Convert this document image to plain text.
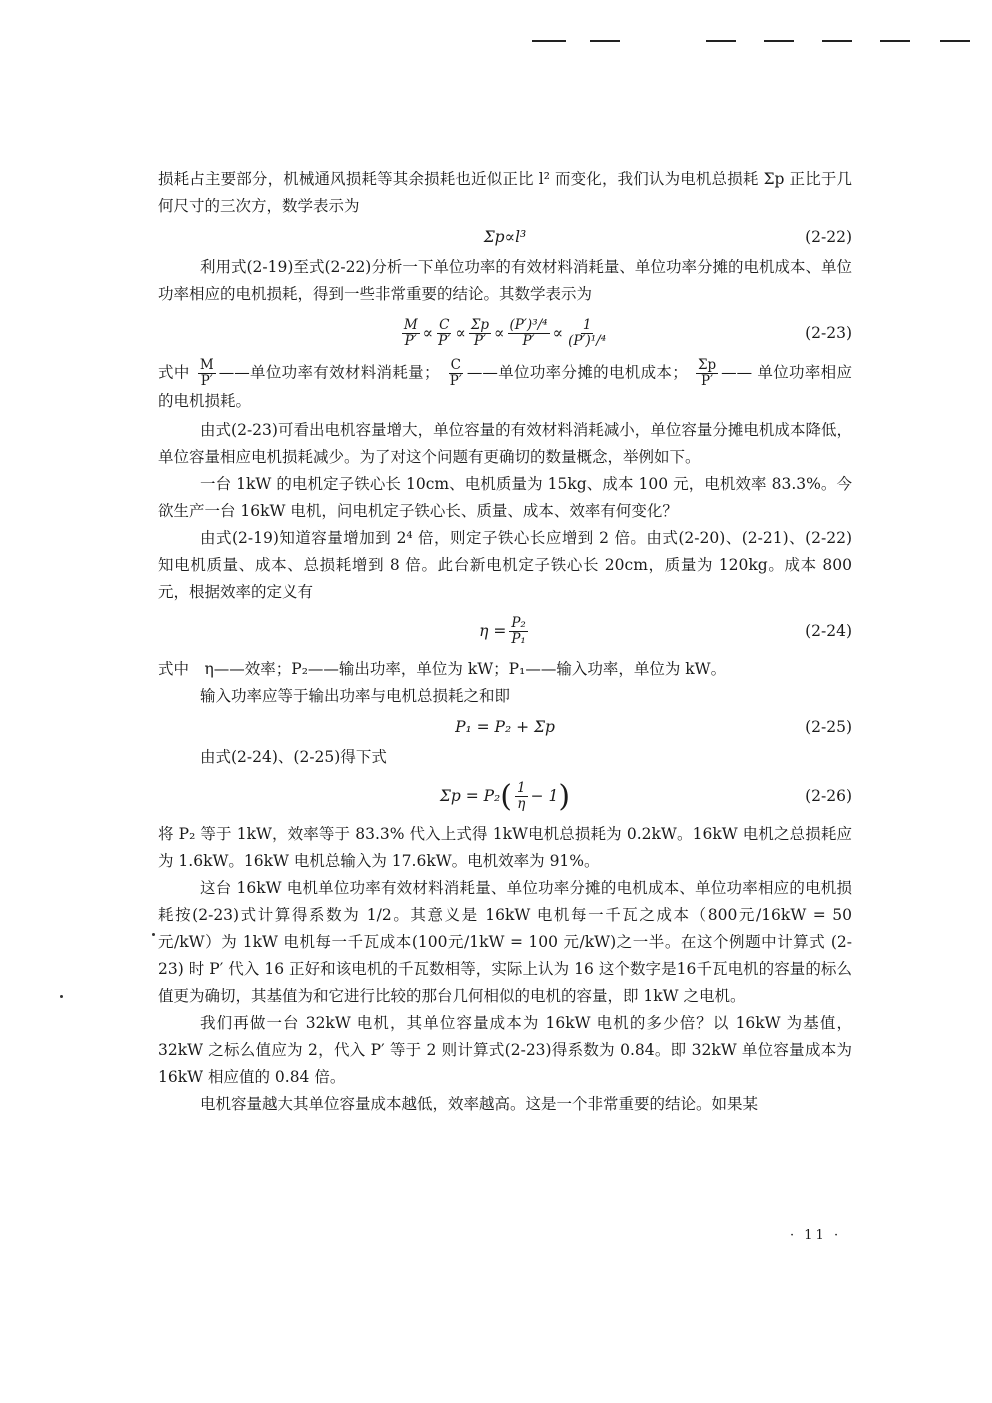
损耗占主要部分，机械通风损耗等其余损耗也近似正比 l² 而变化，我们认为电机总损耗 Σp 正比于几何尺寸的三次方，数学表示为

Σp∝l³	(2-22)

利用式(2-19)至式(2-22)分析一下单位功率的有效材料消耗量、单位功率分摊的电机成本、单位功率相应的电机损耗，得到一些非常重要的结论。其数学表示为

$\frac{M}{P'} \propto \frac{C}{P'} \propto \frac{\Sigma p}{P'} \propto \frac{\text{(P′)³/⁴}}{P'} \propto \frac{1}{\text{(P′)¹/⁴}}$	(2-23)
式中 $\frac{M}{P'}$ ——单位功率有效材料消耗量； $\frac{C}{P'}$ ——单位功率分摊的电机成本； $\frac{\Sigma p}{P'}$ —— 单位功率相应的电机损耗。

由式(2-23)可看出电机容量增大，单位容量的有效材料消耗减小，单位容量分摊电机成本降低，单位容量相应电机损耗减少。为了对这个问题有更确切的数量概念，举例如下。

一台 1kW 的电机定子铁心长 10cm、电机质量为 15kg、成本 100 元，电机效率 83.3%。今欲生产一台 16kW 电机，问电机定子铁心长、质量、成本、效率有何变化？

由式(2-19)知道容量增加到 2⁴ 倍，则定子铁心长应增到 2 倍。由式(2-20)、(2-21)、(2-22) 知电机质量、成本、总损耗增到 8 倍。此台新电机定子铁心长 20cm，质量为 120kg。成本 800 元，根据效率的定义有

$\eta = \frac{\text{P₂}}{\text{P₁}}$	(2-24)

式中　η——效率；P₂——输出功率，单位为 kW；P₁——输入功率，单位为 kW。

输入功率应等于输出功率与电机总损耗之和即

P₁ = P₂ + Σp	(2-25)

由式(2-24)、(2-25)得下式

Σp = P₂ ( $\frac{1}{\eta} - 1$ )	(2-26)

将 P₂ 等于 1kW，效率等于 83.3% 代入上式得 1kW电机总损耗为 0.2kW。16kW 电机之总损耗应为 1.6kW。16kW 电机总输入为 17.6kW。电机效率为 91%。

这台 16kW 电机单位功率有效材料消耗量、单位功率分摊的电机成本、单位功率相应的电机损耗按(2-23)式计算得系数为 1/2。其意义是 16kW 电机每一千瓦之成本（800元/16kW = 50元/kW）为 1kW 电机每一千瓦成本(100元/1kW = 100 元/kW)之一半。在这个例题中计算式 (2-23) 时 P′ 代入 16 正好和该电机的千瓦数相等，实际上认为 16 这个数字是16千瓦电机的容量的标么值更为确切，其基值为和它进行比较的那台几何相似的电机的容量，即 1kW 之电机。

我们再做一台 32kW 电机，其单位容量成本为 16kW 电机的多少倍？以 16kW 为基值，32kW 之标么值应为 2，代入 P′ 等于 2 则计算式(2-23)得系数为 0.84。即 32kW 单位容量成本为 16kW 相应值的 0.84 倍。

电机容量越大其单位容量成本越低，效率越高。这是一个非常重要的结论。如果某

· 11 ·
